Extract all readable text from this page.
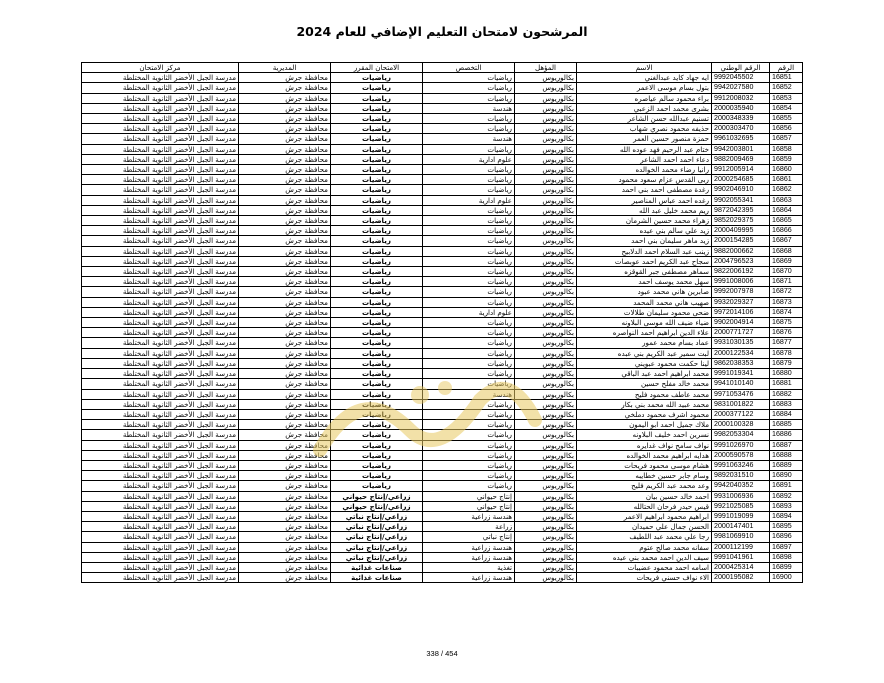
المرشحون لامتحان التعليم الإضافي للعام 2024
الرقم	الرقم الوطني	الاسم	المؤهل	التخصص	الامتحان المقرر	المديرية	مركز الامتحان
16851	9992045502	ايه جهاد كايد عبدالغني	بكالوريوس	رياضيات	رياضيات	محافظة جرش	مدرسة الجبل الأخضر الثانوية المختلطة
16852	9942027580	بتول بسام موسى الاعمر	بكالوريوس	رياضيات	رياضيات	محافظة جرش	مدرسة الجبل الأخضر الثانوية المختلطة
16853	9912008032	براء محمود سالم عياصره	بكالوريوس	رياضيات	رياضيات	محافظة جرش	مدرسة الجبل الأخضر الثانوية المختلطة
16854	2000035940	بشرى محمد احمد الزعبي	بكالوريوس	هندسة	رياضيات	محافظة جرش	مدرسة الجبل الأخضر الثانوية المختلطة
16855	2000348339	تسنيم عبدالله حسن الشاعر	بكالوريوس	رياضيات	رياضيات	محافظة جرش	مدرسة الجبل الأخضر الثانوية المختلطة
16856	2000303470	حذيفه محمود نصري شهاب	بكالوريوس	رياضيات	رياضيات	محافظة جرش	مدرسة الجبل الأخضر الثانوية المختلطة
16857	9961032695	حمزة منصور حسين العمر	بكالوريوس	هندسة	رياضيات	محافظة جرش	مدرسة الجبل الأخضر الثانوية المختلطة
16858	9942003801	ختام عبد الرحيم فهد عوده الله	بكالوريوس	رياضيات	رياضيات	محافظة جرش	مدرسة الجبل الأخضر الثانوية المختلطة
16859	9882009469	دعاء احمد احمد الشاعر	بكالوريوس	علوم ادارية	رياضيات	محافظة جرش	مدرسة الجبل الأخضر الثانوية المختلطة
16860	9912005914	رانيا رضاء محمد الخوالده	بكالوريوس	رياضيات	رياضيات	محافظة جرش	مدرسة الجبل الأخضر الثانوية المختلطة
16861	2000254685	ربى القدس عزام سعود محمود	بكالوريوس	رياضيات	رياضيات	محافظة جرش	مدرسة الجبل الأخضر الثانوية المختلطة
16862	9902046910	رغدة مصطفى احمد بني احمد	بكالوريوس	رياضيات	رياضيات	محافظة جرش	مدرسة الجبل الأخضر الثانوية المختلطة
16863	9902055341	رغده احمد عباس المناصير	بكالوريوس	علوم ادارية	رياضيات	محافظة جرش	مدرسة الجبل الأخضر الثانوية المختلطة
16864	9872042395	ريم محمد خليل عبد الله	بكالوريوس	رياضيات	رياضيات	محافظة جرش	مدرسة الجبل الأخضر الثانوية المختلطة
16865	9852029375	زهراء محمد حسين الشرمان	بكالوريوس	رياضيات	رياضيات	محافظة جرش	مدرسة الجبل الأخضر الثانوية المختلطة
16866	2000409995	زيد علي سالم بني عيده	بكالوريوس	رياضيات	رياضيات	محافظة جرش	مدرسة الجبل الأخضر الثانوية المختلطة
16867	2000154285	زيد ماهر سليمان بني احمد	بكالوريوس	رياضيات	رياضيات	محافظة جرش	مدرسة الجبل الأخضر الثانوية المختلطة
16868	9882000662	زينب عبد السلام احمد الدلابيح	بكالوريوس	رياضيات	رياضيات	محافظة جرش	مدرسة الجبل الأخضر الثانوية المختلطة
16869	2004796523	سجاح عبد الكريم احمد عوبصات	بكالوريوس	رياضيات	رياضيات	محافظة جرش	مدرسة الجبل الأخضر الثانوية المختلطة
16870	9822006192	سماهر مصطفى جبر القوقزه	بكالوريوس	رياضيات	رياضيات	محافظة جرش	مدرسة الجبل الأخضر الثانوية المختلطة
16871	9991008006	سهل محمد يوسف احمد	بكالوريوس	رياضيات	رياضيات	محافظة جرش	مدرسة الجبل الأخضر الثانوية المختلطة
16872	9992007978	صابرين هاني محمد عبود	بكالوريوس	رياضيات	رياضيات	محافظة جرش	مدرسة الجبل الأخضر الثانوية المختلطة
16873	9932029327	صهيب هاني محمد المحمد	بكالوريوس	رياضيات	رياضيات	محافظة جرش	مدرسة الجبل الأخضر الثانوية المختلطة
16874	9972014106	ضحى محمود سليمان طلالات	بكالوريوس	علوم ادارية	رياضيات	محافظة جرش	مدرسة الجبل الأخضر الثانوية المختلطة
16875	9902004914	ضياء ضيف الله موسى البلاونه	بكالوريوس	رياضيات	رياضيات	محافظة جرش	مدرسة الجبل الأخضر الثانوية المختلطة
16876	2000771727	علاء الدين ابراهيم احمد النواصره	بكالوريوس	رياضيات	رياضيات	محافظة جرش	مدرسة الجبل الأخضر الثانوية المختلطة
16877	9931030135	عماد بسام محمد عمور	بكالوريوس	رياضيات	رياضيات	محافظة جرش	مدرسة الجبل الأخضر الثانوية المختلطة
16878	2000122534	لبت سمير عبد الكريم بني عبده	بكالوريوس	رياضيات	رياضيات	محافظة جرش	مدرسة الجبل الأخضر الثانوية المختلطة
16879	9862038353	لينا حكمت محمود عبويني	بكالوريوس	رياضيات	رياضيات	محافظة جرش	مدرسة الجبل الأخضر الثانوية المختلطة
16880	9991019341	محمد ابراهيم احمد عبد الباقي	بكالوريوس	رياضيات	رياضيات	محافظة جرش	مدرسة الجبل الأخضر الثانوية المختلطة
16881	9941010140	محمد خالد مفلح حسين	بكالوريوس	رياضيات	رياضيات	محافظة جرش	مدرسة الجبل الأخضر الثانوية المختلطة
16882	9971053476	محمد عاطف محمود فليح	بكالوريوس	هندسة	رياضيات	محافظة جرش	مدرسة الجبل الأخضر الثانوية المختلطة
16883	9831001822	محمد عبيد الله محمد بني بكار	بكالوريوس	رياضيات	رياضيات	محافظة جرش	مدرسة الجبل الأخضر الثانوية المختلطة
16884	2000377122	محمود اشرف محمود دملخي	بكالوريوس	رياضيات	رياضيات	محافظة جرش	مدرسة الجبل الأخضر الثانوية المختلطة
16885	2000100328	ملاك جميل احمد ابو اليمون	بكالوريوس	رياضيات	رياضيات	محافظة جرش	مدرسة الجبل الأخضر الثانوية المختلطة
16886	9982053304	نسرين احمد خليف البلاونه	بكالوريوس	رياضيات	رياضيات	محافظة جرش	مدرسة الجبل الأخضر الثانوية المختلطة
16887	9991026970	نواف سامح نواف غدايره	بكالوريوس	رياضيات	رياضيات	محافظة جرش	مدرسة الجبل الأخضر الثانوية المختلطة
16888	2000590578	هدايه ابراهيم محمد الخوالده	بكالوريوس	رياضيات	رياضيات	محافظة جرش	مدرسة الجبل الأخضر الثانوية المختلطة
16889	9991063246	هشام موسى محمود فريحات	بكالوريوس	رياضيات	رياضيات	محافظة جرش	مدرسة الجبل الأخضر الثانوية المختلطة
16890	9892031510	وسام جابر حسين خطايبه	بكالوريوس	رياضيات	رياضيات	محافظة جرش	مدرسة الجبل الأخضر الثانوية المختلطة
16891	9942040352	وعد محمد عبد الكريم فليح	بكالوريوس	رياضيات	رياضيات	محافظة جرش	مدرسة الجبل الأخضر الثانوية المختلطة
16892	9931006936	احمد خالد حسين بيان	بكالوريوس	إنتاج حيواني	زراعي/إنتاج حيواني	محافظة جرش	مدرسة الجبل الأخضر الثانوية المختلطة
16893	9921025085	قيس حيدر فرحان الحتالله	بكالوريوس	إنتاج حيواني	زراعي/إنتاج حيواني	محافظة جرش	مدرسة الجبل الأخضر الثانوية المختلطة
16894	9991019099	ابراهيم محمود ابراهيم الاعمر	بكالوريوس	هندسة زراعية	زراعي/إنتاج نباتي	محافظة جرش	مدرسة الجبل الأخضر الثانوية المختلطة
16895	2000147401	الحسن جمال علي حميدان	بكالوريوس	زراعة	زراعي/إنتاج نباتي	محافظة جرش	مدرسة الجبل الأخضر الثانوية المختلطة
16896	9981069910	رجا علي محمد عبد اللطيف	بكالوريوس	إنتاج نباتي	زراعي/إنتاج نباتي	محافظة جرش	مدرسة الجبل الأخضر الثانوية المختلطة
16897	2000112199	سفانه محمد صالح عتوم	بكالوريوس	هندسة زراعية	زراعي/إنتاج نباتي	محافظة جرش	مدرسة الجبل الأخضر الثانوية المختلطة
16898	9991041961	سيف الدين احمد محمد بني عيده	بكالوريوس	هندسة زراعية	زراعي/إنتاج نباتي	محافظة جرش	مدرسة الجبل الأخضر الثانوية المختلطة
16899	2000425314	اسامه احمد محمود عضيبات	بكالوريوس	تغذية	صناعات غذائية	محافظة جرش	مدرسة الجبل الأخضر الثانوية المختلطة
16900	2000195082	الاء نواف حسني فريحات	بكالوريوس	هندسة زراعية	صناعات غذائية	محافظة جرش	مدرسة الجبل الأخضر الثانوية المختلطة
338 / 454
